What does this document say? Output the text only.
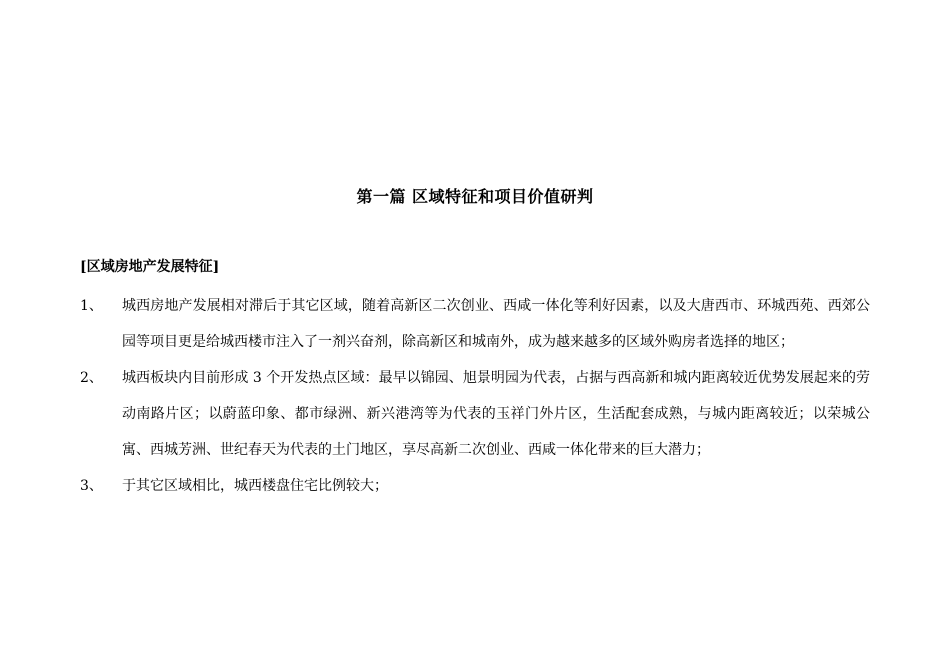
第一篇 区域特征和项目价值研判
[区域房地产发展特征]
1、	城西房地产发展相对滞后于其它区域，随着高新区二次创业、西咸一体化等利好因素，以及大唐西市、环城西苑、西郊公园等项目更是给城西楼市注入了一剂兴奋剂，除高新区和城南外，成为越来越多的区域外购房者选择的地区；
2、	城西板块内目前形成 3 个开发热点区域：最早以锦园、旭景明园为代表，占据与西高新和城内距离较近优势发展起来的劳动南路片区；以蔚蓝印象、都市绿洲、新兴港湾等为代表的玉祥门外片区，生活配套成熟，与城内距离较近；以荣城公寓、西城芳洲、世纪春天为代表的土门地区，享尽高新二次创业、西咸一体化带来的巨大潜力；
3、	于其它区域相比，城西楼盘住宅比例较大；
